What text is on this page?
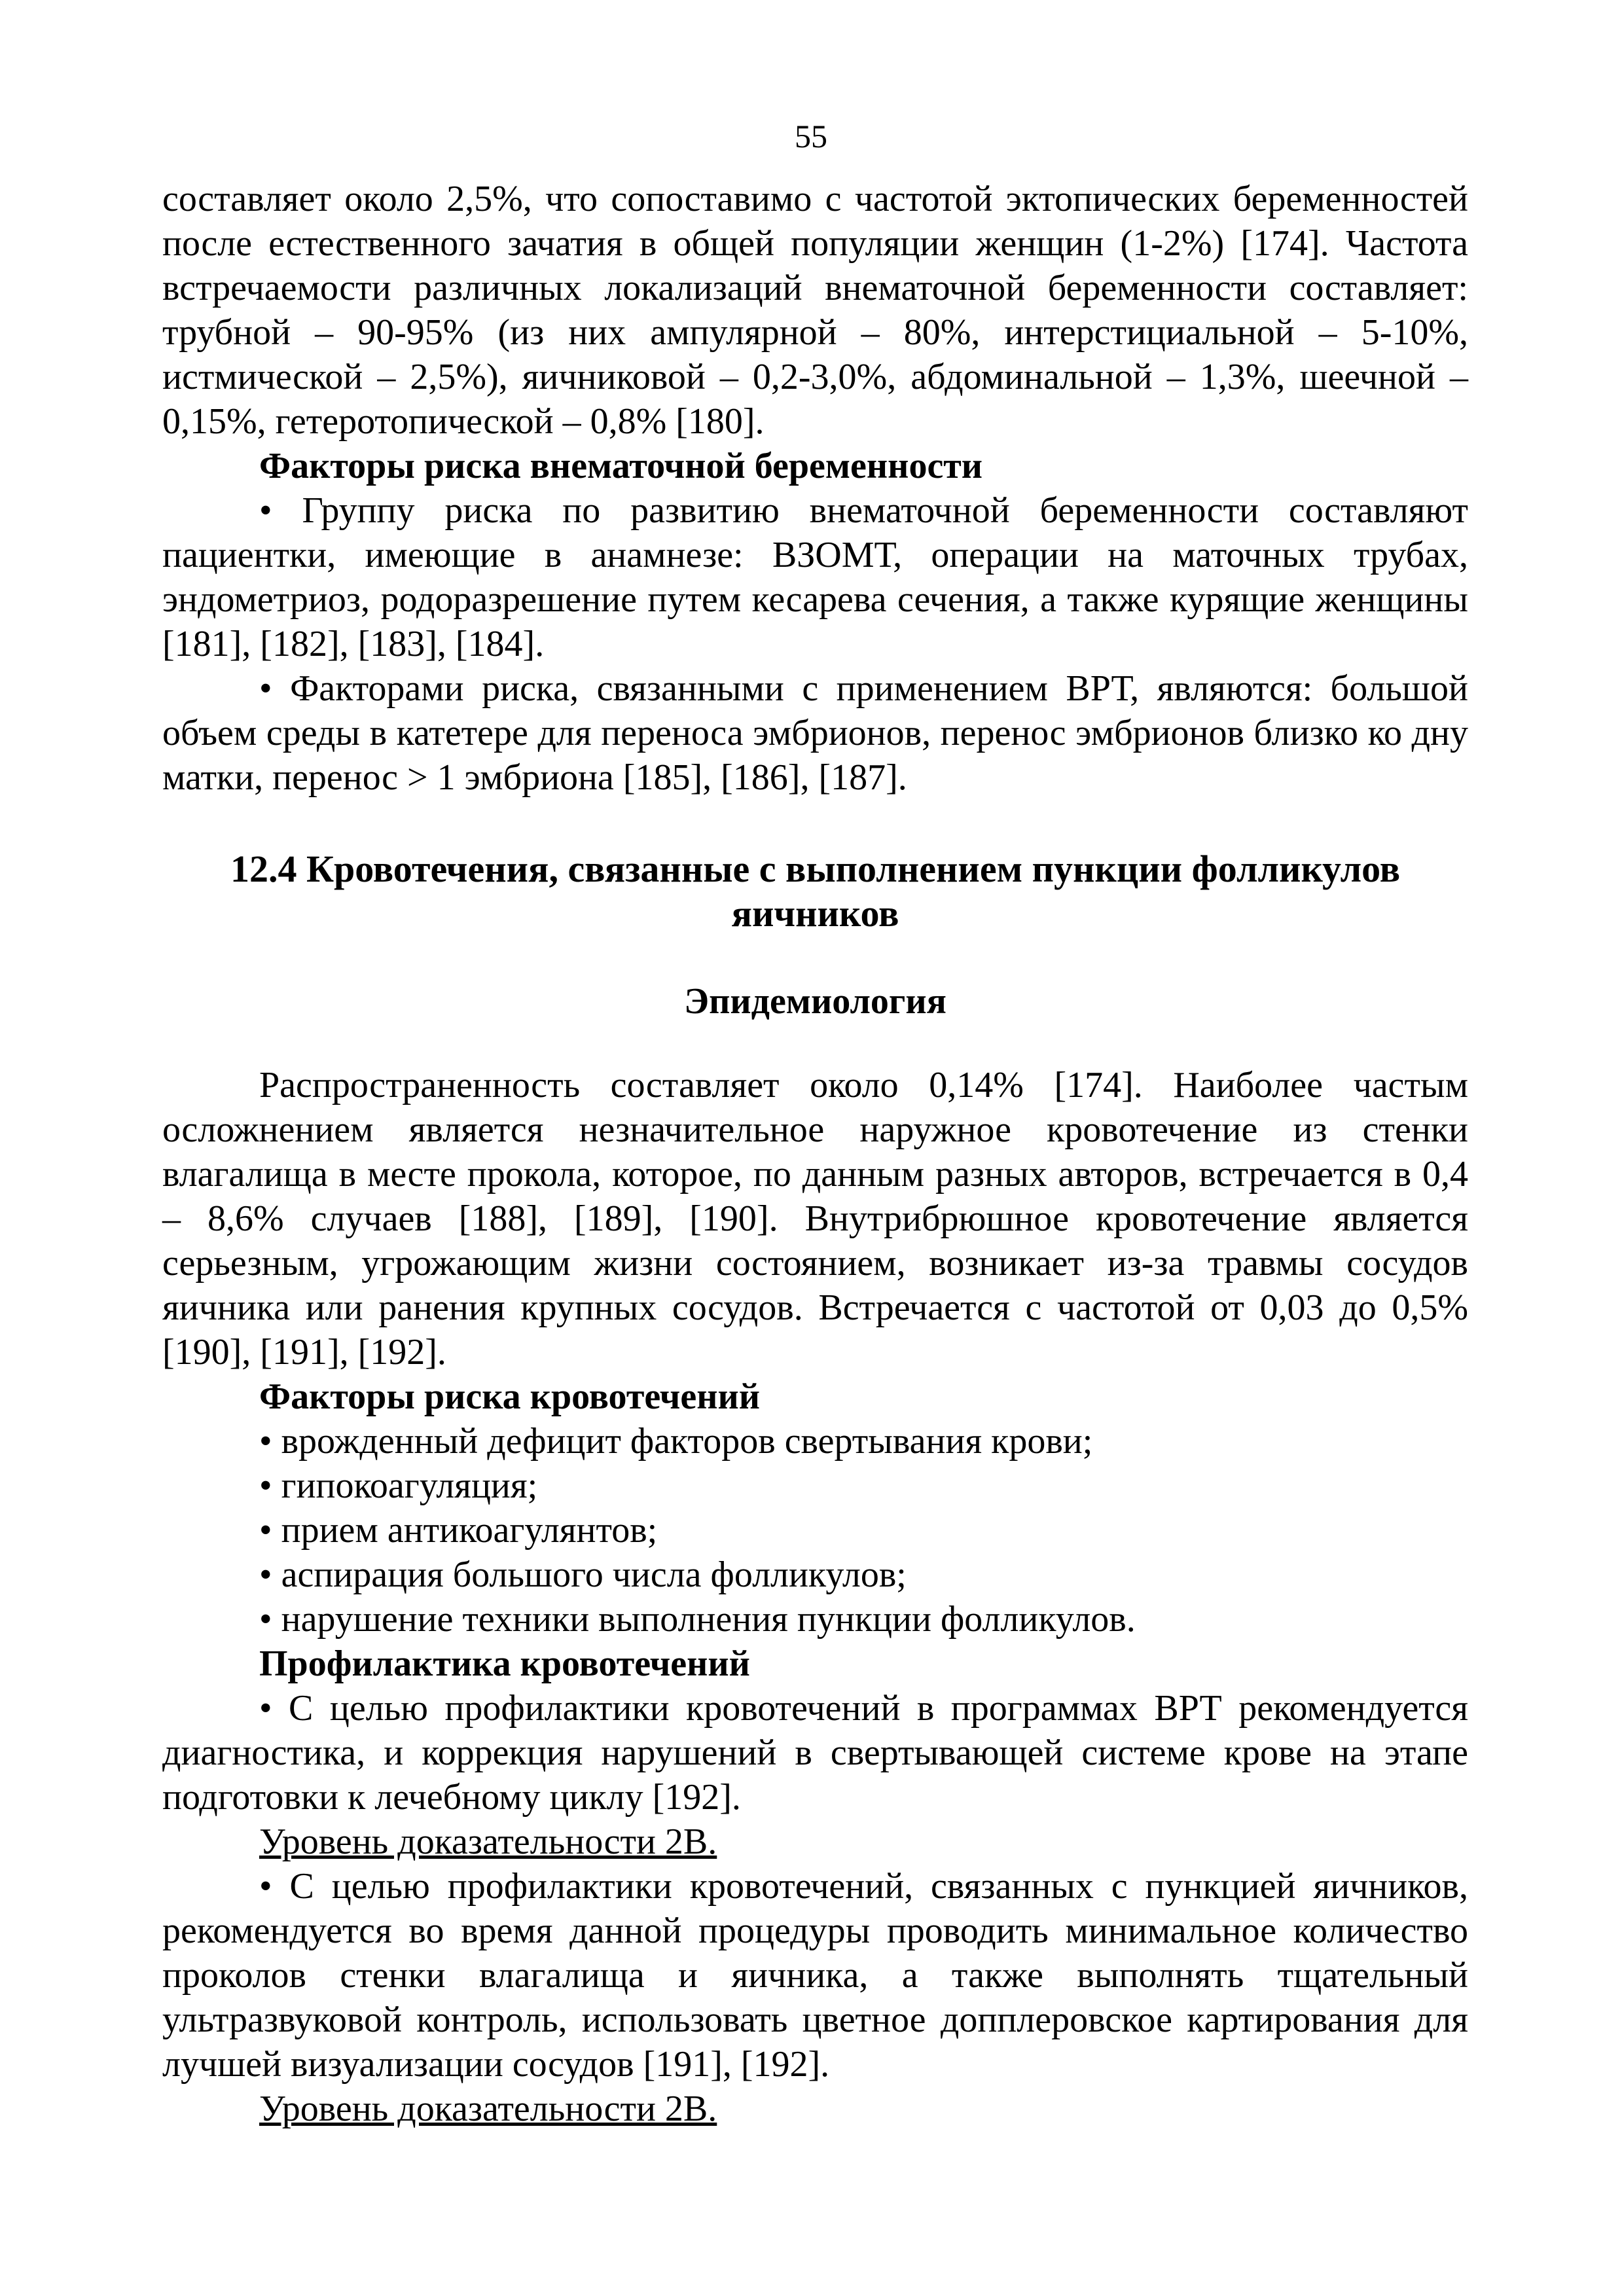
55

составляет около 2,5%, что сопоставимо с частотой эктопических беременностей после естественного зачатия в общей популяции женщин (1-2%) [174]. Частота встречаемости различных локализаций внематочной беременности составляет: трубной – 90-95% (из них ампулярной – 80%, интерстициальной – 5-10%, истмической – 2,5%), яичниковой – 0,2-3,0%, абдоминальной – 1,3%, шеечной – 0,15%, гетеротопической – 0,8% [180].

Факторы риска внематочной беременности

• Группу риска по развитию внематочной беременности составляют пациентки, имеющие в анамнезе: ВЗОМТ, операции на маточных трубах, эндометриоз, родоразрешение путем кесарева сечения, а также курящие женщины [181], [182], [183], [184].

• Факторами риска, связанными с применением ВРТ, являются: большой объем среды в катетере для переноса эмбрионов, перенос эмбрионов близко ко дну матки, перенос > 1 эмбриона [185], [186], [187].

12.4 Кровотечения, связанные с выполнением пункции фолликулов яичников

Эпидемиология

Распространенность составляет около 0,14% [174]. Наиболее частым осложнением является незначительное наружное кровотечение из стенки влагалища в месте прокола, которое, по данным разных авторов, встречается в 0,4 – 8,6% случаев [188], [189], [190]. Внутрибрюшное кровотечение является серьезным, угрожающим жизни состоянием, возникает из-за травмы сосудов яичника или ранения крупных сосудов. Встречается с частотой от 0,03 до 0,5% [190], [191], [192].

Факторы риска кровотечений

• врожденный дефицит факторов свертывания крови;
• гипокоагуляция;
• прием антикоагулянтов;
• аспирация большого числа фолликулов;
• нарушение техники выполнения пункции фолликулов.

Профилактика кровотечений

• С целью профилактики кровотечений в программах ВРТ рекомендуется диагностика, и коррекция нарушений в свертывающей системе крове на этапе подготовки к лечебному циклу [192].

Уровень доказательности 2В.

• С целью профилактики кровотечений, связанных с пункцией яичников, рекомендуется во время данной процедуры проводить минимальное количество проколов стенки влагалища и яичника, а также выполнять тщательный ультразвуковой контроль, использовать цветное допплеровское картирования для лучшей визуализации сосудов [191], [192].

Уровень доказательности 2В.
